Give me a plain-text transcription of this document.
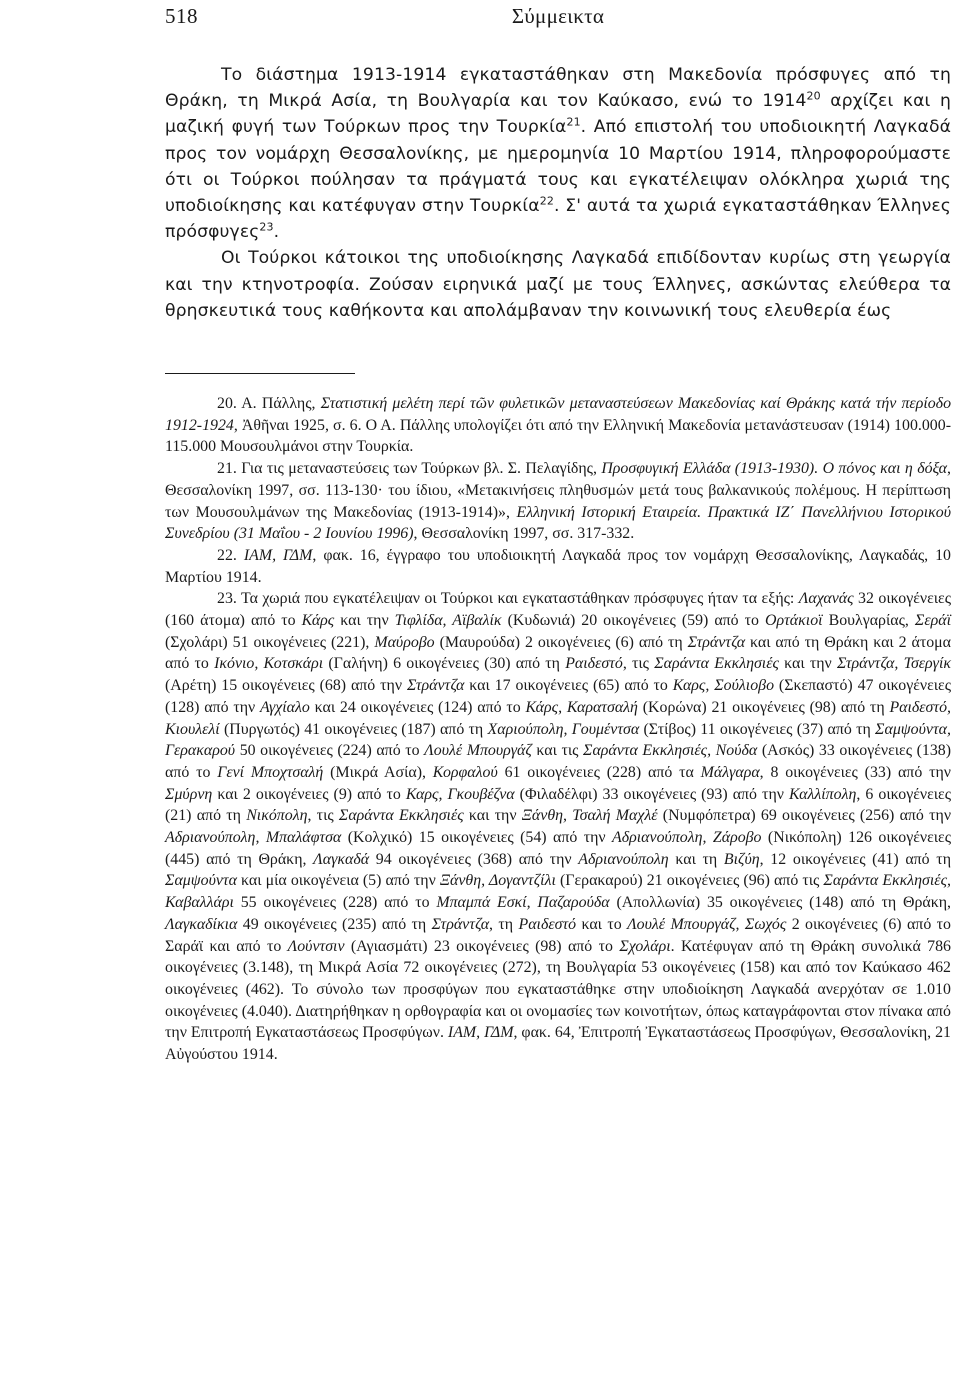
518	Σύμμεικτα

Το διάστημα 1913-1914 εγκαταστάθηκαν στη Μακεδονία πρόσφυγες από τη Θράκη, τη Μικρά Ασία, τη Βουλγαρία και τον Καύκασο, ενώ το 1914$^{20}$ αρχίζει και η μαζική φυγή των Τούρκων προς την Τουρκία$^{21}$. Από επιστολή του υποδιοικητή Λαγκαδά προς τον νομάρχη Θεσσαλονίκης, με ημερομηνία 10 Μαρτίου 1914, πληροφορούμαστε ότι οι Τούρκοι πούλησαν τα πράγματά τους και εγκατέλειψαν ολόκληρα χωριά της υποδιοίκησης και κατέφυγαν στην Τουρκία$^{22}$. Σ' αυτά τα χωριά εγκαταστάθηκαν Έλληνες πρόσφυγες$^{23}$.

Οι Τούρκοι κάτοικοι της υποδιοίκησης Λαγκαδά επιδίδονταν κυρίως στη γεωργία και την κτηνοτροφία. Ζούσαν ειρηνικά μαζί με τους Έλληνες, ασκώντας ελεύθερα τα θρησκευτικά τους καθήκοντα και απολάμβαναν την κοινωνική τους ελευθερία έως

20. Α. Πάλλης, Στατιστική μελέτη περί τῶν φυλετικῶν μεταναστεύσεων Μακεδονίας καί Θράκης κατά τήν περίοδο 1912-1924, Ἀθῆναι 1925, σ. 6. Ο Α. Πάλλης υπολογίζει ότι από την Ελληνική Μακεδονία μετανάστευσαν (1914) 100.000-115.000 Μουσουλμάνοι στην Τουρκία.

21. Για τις μεταναστεύσεις των Τούρκων βλ. Σ. Πελαγίδης, Προσφυγική Ελλάδα (1913-1930). Ο πόνος και η δόξα, Θεσσαλονίκη 1997, σσ. 113-130· του ίδιου, «Μετακινήσεις πληθυσμών μετά τους βαλκανικούς πολέμους. Η περίπτωση των Μουσουλμάνων της Μακεδονίας (1913-1914)», Ελληνική Ιστορική Εταιρεία. Πρακτικά ΙΖ΄ Πανελλήνιου Ιστορικού Συνεδρίου (31 Μαΐου - 2 Ιουνίου 1996), Θεσσαλονίκη 1997, σσ. 317-332.

22. ΙΑΜ, ΓΔΜ, φακ. 16, έγγραφο του υποδιοικητή Λαγκαδά προς τον νομάρχη Θεσσαλονίκης, Λαγκαδάς, 10 Μαρτίου 1914.

23. Τα χωριά που εγκατέλειψαν οι Τούρκοι και εγκαταστάθηκαν πρόσφυγες ήταν τα εξής: Λαχανάς 32 οικογένειες (160 άτομα) από το Κάρς και την Τιφλίδα, Αϊβαλίκ (Κυδωνιά) 20 οικογένειες (59) από το Ορτάκιοϊ Βουλγαρίας, Σεράϊ (Σχολάρι) 51 οικογένειες (221), Μαύροβο (Μαυρούδα) 2 οικογένειες (6) από τη Στράντζα και από τη Θράκη και 2 άτομα από το Ικόνιο, Κοτσκάρι (Γαλήνη) 6 οικογένειες (30) από τη Ραιδεστό, τις Σαράντα Εκκλησιές και την Στράντζα, Τσεργίκ (Αρέτη) 15 οικογένειες (68) από την Στράντζα και 17 οικογένειες (65) από το Καρς, Σούλιοβο (Σκεπαστό) 47 οικογένειες (128) από την Αγχίαλο και 24 οικογένειες (124) από το Κάρς, Καρατσαλή (Κορώνα) 21 οικογένειες (98) από τη Ραιδεστό, Κιουλελί (Πυργωτός) 41 οικογένειες (187) από τη Χαριούπολη, Γουμέντσα (Στίβος) 11 οικογένειες (37) από τη Σαμψούντα, Γερακαρού 50 οικογένειες (224) από το Λουλέ Μπουργάζ και τις Σαράντα Εκκλησιές, Νούδα (Ασκός) 33 οικογένειες (138) από το Γενί Μποχτσαλή (Μικρά Ασία), Κορφαλού 61 οικογένειες (228) από τα Μάλγαρα, 8 οικογένειες (33) από την Σμύρνη και 2 οικογένειες (9) από το Καρς, Γκουβέζνα (Φιλαδέλφι) 33 οικογένειες (93) από την Καλλίπολη, 6 οικογένειες (21) από τη Νικόπολη, τις Σαράντα Εκκλησιές και την Ξάνθη, Τσαλή Μαχλέ (Νυμφόπετρα) 69 οικογένειες (256) από την Αδριανούπολη, Μπαλάφτσα (Κολχικό) 15 οικογένειες (54) από την Αδριανούπολη, Ζάροβο (Νικόπολη) 126 οικογένειες (445) από τη Θράκη, Λαγκαδά 94 οικογένειες (368) από την Αδριανούπολη και τη Βιζύη, 12 οικογένειες (41) από τη Σαμψούντα και μία οικογένεια (5) από την Ξάνθη, Δογαντζίλι (Γερακαρού) 21 οικογένειες (96) από τις Σαράντα Εκκλησιές, Καβαλλάρι 55 οικογένειες (228) από το Μπαμπά Εσκί, Παζαρούδα (Απολλωνία) 35 οικογένειες (148) από τη Θράκη, Λαγκαδίκια 49 οικογένειες (235) από τη Στράντζα, τη Ραιδεστό και το Λουλέ Μπουργάζ, Σωχός 2 οικογένειες (6) από το Σαράϊ και από το Λούντσιν (Αγιασμάτι) 23 οικογένειες (98) από το Σχολάρι. Κατέφυγαν από τη Θράκη συνολικά 786 οικογένειες (3.148), τη Μικρά Ασία 72 οικογένειες (272), τη Βουλγαρία 53 οικογένειες (158) και από τον Καύκασο 462 οικογένειες (462). Το σύνολο των προσφύγων που εγκαταστάθηκε στην υποδιοίκηση Λαγκαδά ανερχόταν σε 1.010 οικογένειες (4.040). Διατηρήθηκαν η ορθογραφία και οι ονομασίες των κοινοτήτων, όπως καταγράφονται στον πίνακα από την Επιτροπή Εγκαταστάσεως Προσφύγων. ΙΑΜ, ΓΔΜ, φακ. 64, Ἐπιτροπή Ἐγκαταστάσεως Προσφύγων, Θεσσαλονίκη, 21 Αὐγούστου 1914.
